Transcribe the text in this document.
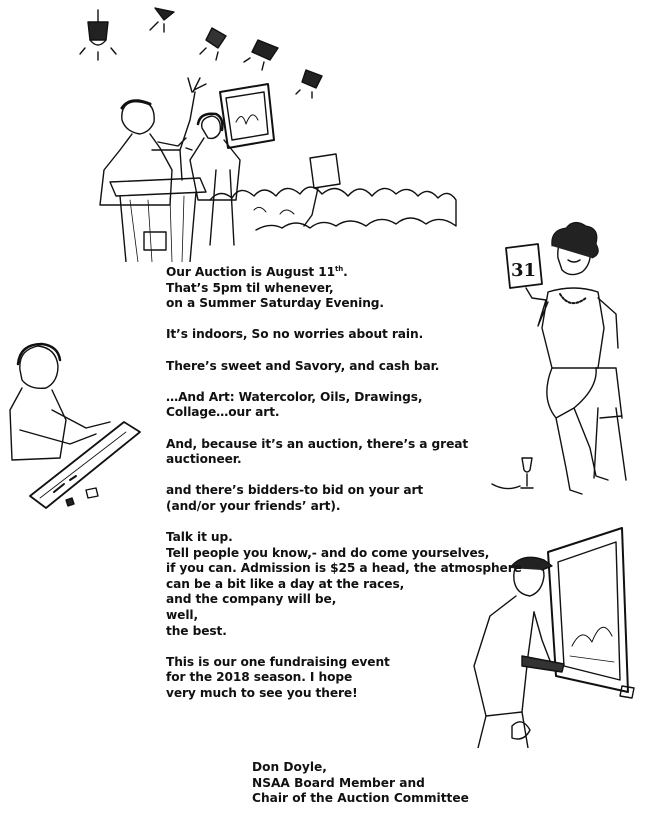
31

Our Auction is August 11th.
That’s 5pm til whenever,
on a Summer Saturday Evening.

It’s indoors, So no worries about rain.

There’s sweet and Savory, and cash bar.

…And Art: Watercolor, Oils, Drawings,
Collage…our art.

And, because it’s an auction, there’s a great
auctioneer.

and there’s bidders-to bid on your art
(and/or your friends’ art).

Talk it up.
Tell people you know,- and do come yourselves,
if you can. Admission is $25 a head, the atmosphere
can be a bit like a day at the races,
and the company will be,
well,
the best.

This is our one fundraising event
for the 2018 season. I hope
very much to see you there!

Don Doyle,
NSAA Board Member and
Chair of the Auction Committee
